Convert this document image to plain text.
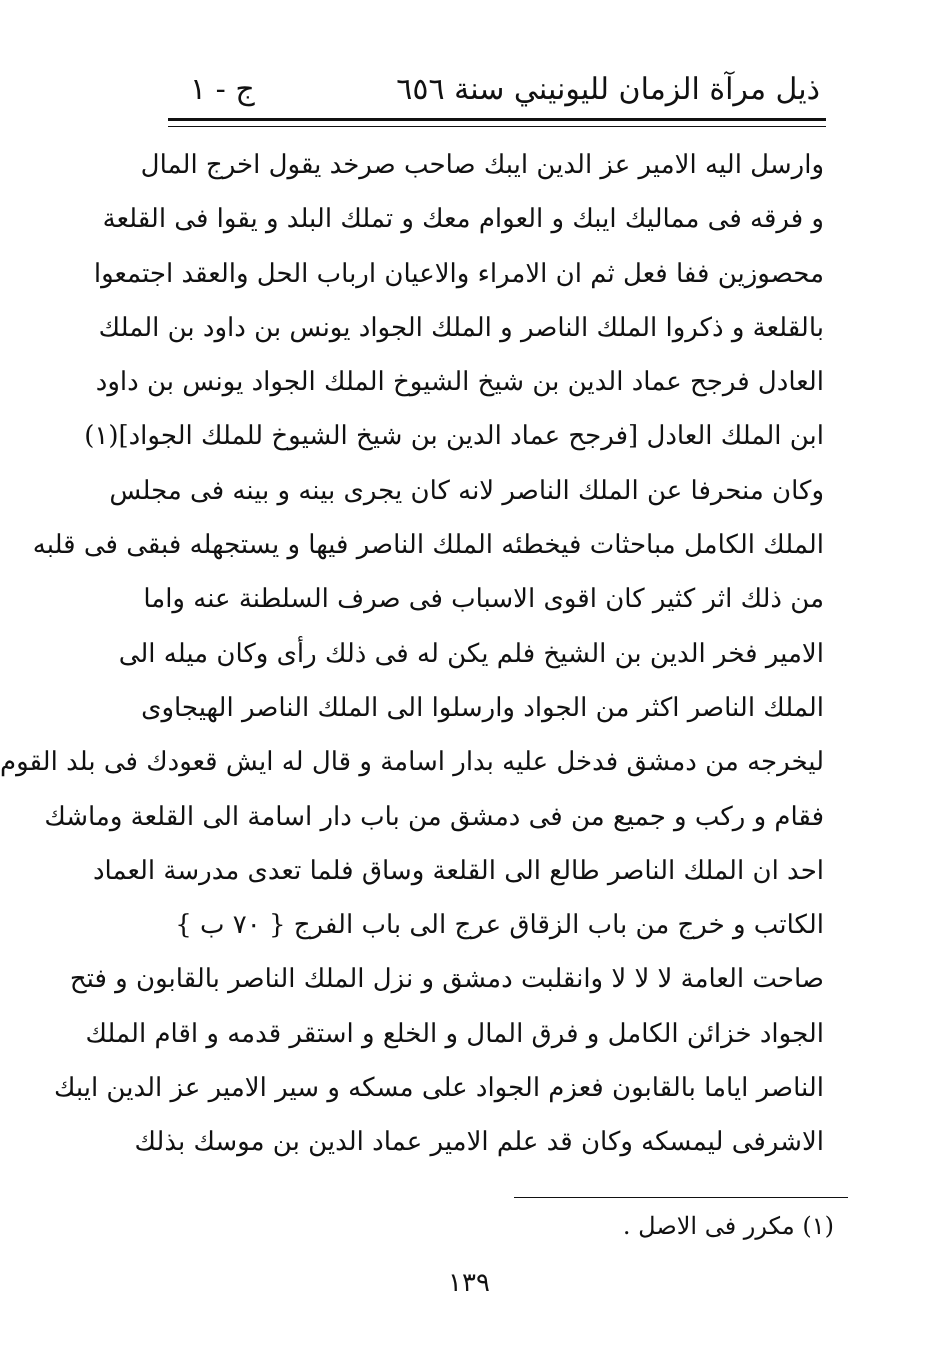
ذيل مرآة الزمان لليونيني سنة ٦٥٦
ج - ١
وارسل اليه الامير عز الدين ايبك صاحب صرخد يقول اخرج المال
و فرقه فى مماليك ايبك و العوام معك و تملك البلد و يقوا فى القلعة
محصوزين ففا فعل ثم ان الامراء والاعيان ارباب الحل والعقد اجتمعوا
بالقلعة و ذكروا الملك الناصر و الملك الجواد يونس بن داود بن الملك
العادل فرجح عماد الدين بن شيخ الشيوخ الملك الجواد يونس بن داود
ابن الملك العادل [فرجح عماد الدين بن شيخ الشيوخ للملك الجواد](١)
وكان منحرفا عن الملك الناصر لانه كان يجرى بينه و بينه فى مجلس
الملك الكامل مباحثات فيخطئه الملك الناصر فيها و يستجهله فبقى فى قلبه
من ذلك اثر كثير كان اقوى الاسباب فى صرف السلطنة عنه واما
الامير فخر الدين بن الشيخ فلم يكن له فى ذلك رأى وكان ميله الى
الملك الناصر اكثر من الجواد وارسلوا الى الملك الناصر الهيجاوى
ليخرجه من دمشق فدخل عليه بدار اسامة و قال له ايش قعودك فى بلد القوم
فقام و ركب و جميع من فى دمشق من باب دار اسامة الى القلعة وماشك
احد ان الملك الناصر طالع الى القلعة وساق فلما تعدى مدرسة العماد
الكاتب و خرج من باب الزقاق عرج الى باب الفرج { ٧٠ ب }
صاحت العامة لا لا لا وانقلبت دمشق و نزل الملك الناصر بالقابون و فتح
الجواد خزائن الكامل و فرق المال و الخلع و استقر قدمه و اقام الملك
الناصر اياما بالقابون فعزم الجواد على مسكه و سير الامير عز الدين ايبك
الاشرفى ليمسكه وكان قد علم الامير عماد الدين بن موسك بذلك
(١) مكرر فى الاصل .
١٣٩
